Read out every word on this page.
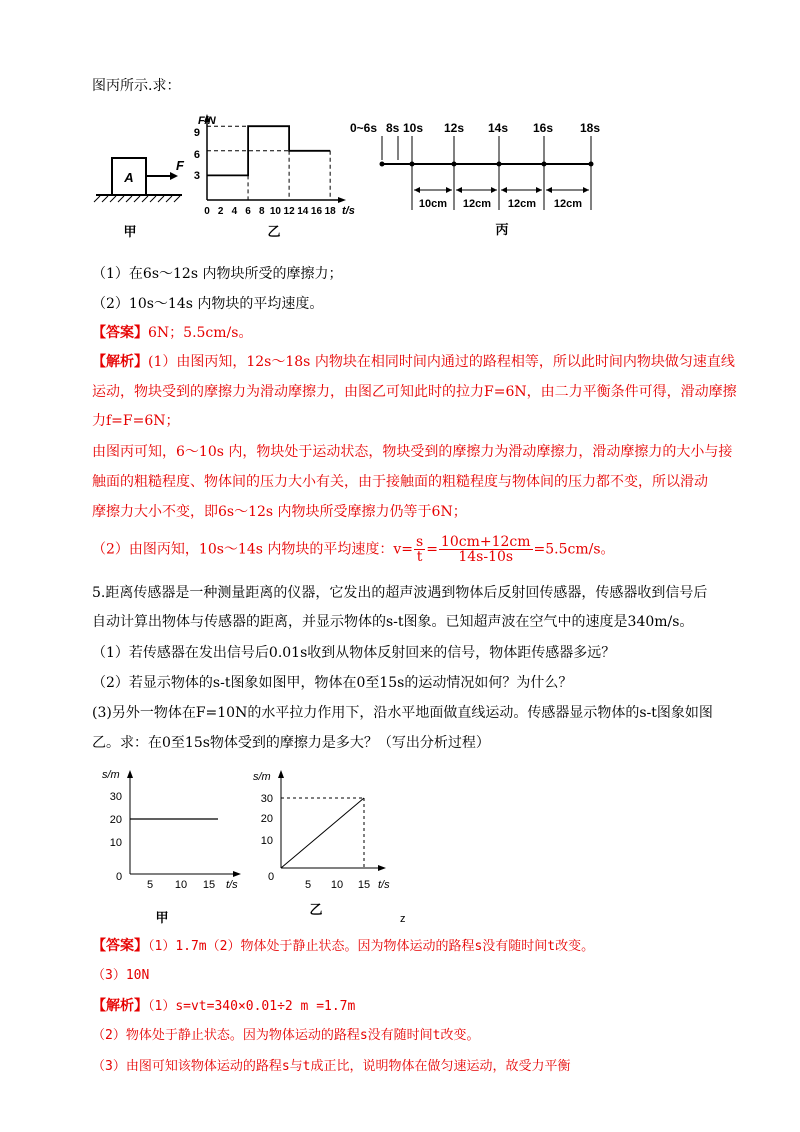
图丙所示.求：
A
F
甲
F/N
t/s
9
6
3
0 2 4 6 8 10 12 14 16 18
乙
0~6s 8s 10s 12s 14s 16s 18s
10cm 12cm 12cm 12cm
丙
（1）在6s～12s 内物块所受的摩擦力；
（2）10s～14s 内物块的平均速度。
【答案】6N；5.5cm/s。
【解析】(1）由图丙知，12s～18s 内物块在相同时间内通过的路程相等，所以此时间内物块做匀速直线
运动，物块受到的摩擦力为滑动摩擦力，由图乙可知此时的拉力F=6N，由二力平衡条件可得，滑动摩擦
力f=F=6N；
由图丙可知，6～10s 内，物块处于运动状态，物块受到的摩擦力为滑动摩擦力，滑动摩擦力的大小与接
触面的粗糙程度、物体间的压力大小有关，由于接触面的粗糙程度与物体间的压力都不变，所以滑动
摩擦力大小不变，即6s～12s 内物块所受摩擦力仍等于6N；
（2）由图丙知，10s～14s 内物块的平均速度：$v= \frac{s}{t} = \frac{10cm+12cm}{14s-10s} =5.5cm/s$。
5.距离传感器是一种测量距离的仪器，它发出的超声波遇到物体后反射回传感器，传感器收到信号后
自动计算出物体与传感器的距离，并显示物体的s-t图象。已知超声波在空气中的速度是340m/s。
（1）若传感器在发出信号后0.01s收到从物体反射回来的信号，物体距传感器多远？
（2）若显示物体的s-t图象如图甲，物体在0至15s的运动情况如何？为什么？
(3)另外一物体在F=10N的水平拉力作用下，沿水平地面做直线运动。传感器显示物体的s-t图象如图
乙。求：在0至15s物体受到的摩擦力是多大？（写出分析过程）
s/m
30
20
10
0
5 10 15 t/s
甲
s/m
30
20
10
0
5 10 15 t/s
乙
z
【答案】（1）1.7m（2）物体处于静止状态。因为物体运动的路程s没有随时间t改变。
（3）10N
【解析】（1）s=vt=340×0.01÷2 m =1.7m
（2）物体处于静止状态。因为物体运动的路程s没有随时间t改变。
（3）由图可知该物体运动的路程s与t成正比，说明物体在做匀速运动，故受力平衡
